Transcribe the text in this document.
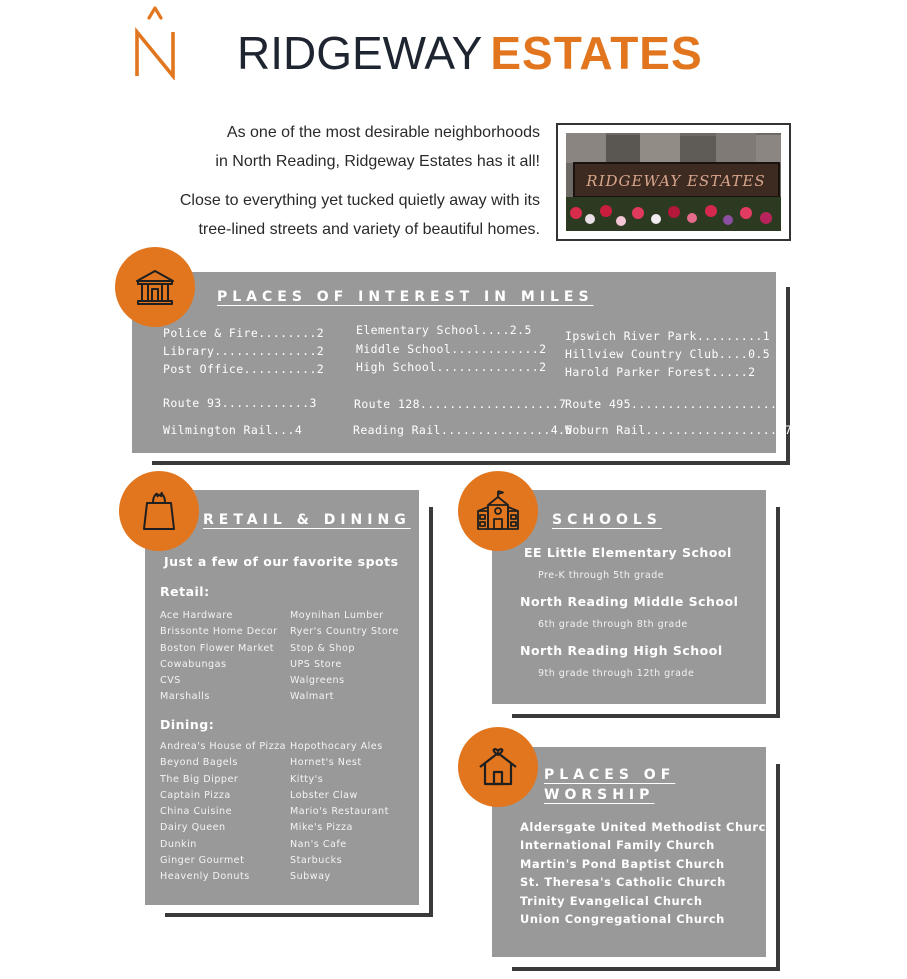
RIDGEWAY ESTATES
As one of the most desirable neighborhoods
in North Reading, Ridgeway Estates has it all!
Close to everything yet tucked quietly away with its
tree-lined streets and variety of beautiful homes.
RIDGEWAY ESTATES
PLACES OF INTEREST IN MILES
Police & Fire........2
Library..............2
Post Office..........2
Elementary School....2.5
Middle School............2
High School..............2
Ipswich River Park.........1
Hillview Country Club....0.5
Harold Parker Forest.....2
Route 93............3	Route 128...................7
Route 495....................9
Wilmington Rail...4	Reading Rail...............4.5
Woburn Rail...................7.5
RETAIL & DINING
Just a few of our favorite spots
Retail:
Ace Hardware
Brissonte Home Decor
Boston Flower Market
Cowabungas
CVS
Marshalls
Moynihan Lumber
Ryer's Country Store
Stop & Shop
UPS Store
Walgreens
Walmart
Dining:
Andrea's House of Pizza
Beyond Bagels
The Big Dipper
Captain Pizza
China Cuisine
Dairy Queen
Dunkin
Ginger Gourmet
Heavenly Donuts
Hopothocary Ales
Hornet's Nest
Kitty's
Lobster Claw
Mario's Restaurant
Mike's Pizza
Nan's Cafe
Starbucks
Subway
SCHOOLS
EE Little Elementary School
Pre-K through 5th grade
North Reading Middle School
6th grade through 8th grade
North Reading High School
9th grade through 12th grade
PLACES OF
WORSHIP
Aldersgate United Methodist Church
International Family Church
Martin's Pond Baptist Church
St. Theresa's Catholic Church
Trinity Evangelical Church
Union Congregational Church
